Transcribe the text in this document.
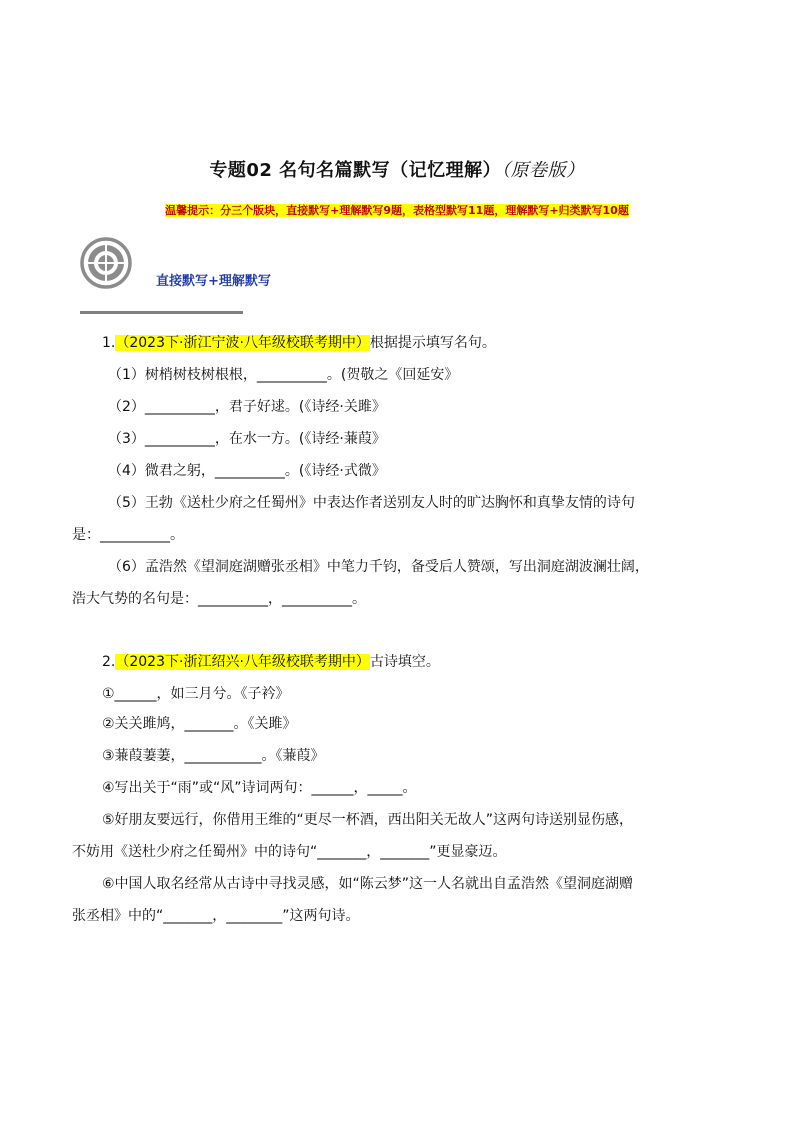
专题02 名句名篇默写（记忆理解）（原卷版）
温馨提示：分三个版块，直接默写+理解默写9题，表格型默写11题，理解默写+归类默写10题
直接默写+理解默写
1.（2023下·浙江宁波·八年级校联考期中）根据提示填写名句。
（1）树梢树枝树根根，__________。(贺敬之《回延安》
（2）__________，君子好逑。(《诗经·关雎》
（3）__________，在水一方。(《诗经·蒹葭》
（4）微君之躬，__________。(《诗经·式微》
（5）王勃《送杜少府之任蜀州》中表达作者送别友人时的旷达胸怀和真挚友情的诗句
是：__________。
（6）孟浩然《望洞庭湖赠张丞相》中笔力千钧，备受后人赞颂，写出洞庭湖波澜壮阔，
浩大气势的名句是：__________，__________。
2.（2023下·浙江绍兴·八年级校联考期中）古诗填空。
①______，如三月兮。《子衿》
②关关雎鸠，_______。《关雎》
③蒹葭萋萋，___________。《蒹葭》
④写出关于“雨”或“风”诗词两句：______，_____。
⑤好朋友要远行，你借用王维的“更尽一杯酒，西出阳关无故人”这两句诗送别显伤感，
不妨用《送杜少府之任蜀州》中的诗句“_______，_______”更显豪迈。
⑥中国人取名经常从古诗中寻找灵感，如“陈云梦”这一人名就出自孟浩然《望洞庭湖赠
张丞相》中的“_______，________”这两句诗。
